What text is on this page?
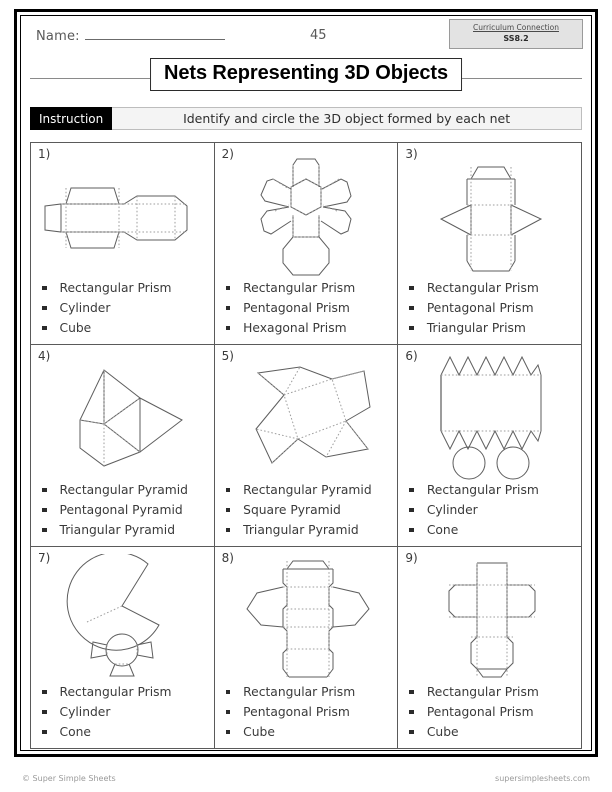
Name:	45
Curriculum Connection
SS8.2
Nets Representing 3D Objects
Instruction	Identify and circle the 3D object formed by each net
1)
Rectangular Prism
Cylinder
Cube

2)
Rectangular Prism
Pentagonal Prism
Hexagonal Prism

3)
Rectangular Prism
Pentagonal Prism
Triangular Prism

4)
Rectangular Pyramid
Pentagonal Pyramid
Triangular Pyramid

5)
Rectangular Pyramid
Square Pyramid
Triangular Pyramid

6)
Rectangular Prism
Cylinder
Cone

7)
Rectangular Prism
Cylinder
Cone

8)
Rectangular Prism
Pentagonal Prism
Cube

9)
Rectangular Prism
Pentagonal Prism
Cube
© Super Simple Sheets	supersimplesheets.com
